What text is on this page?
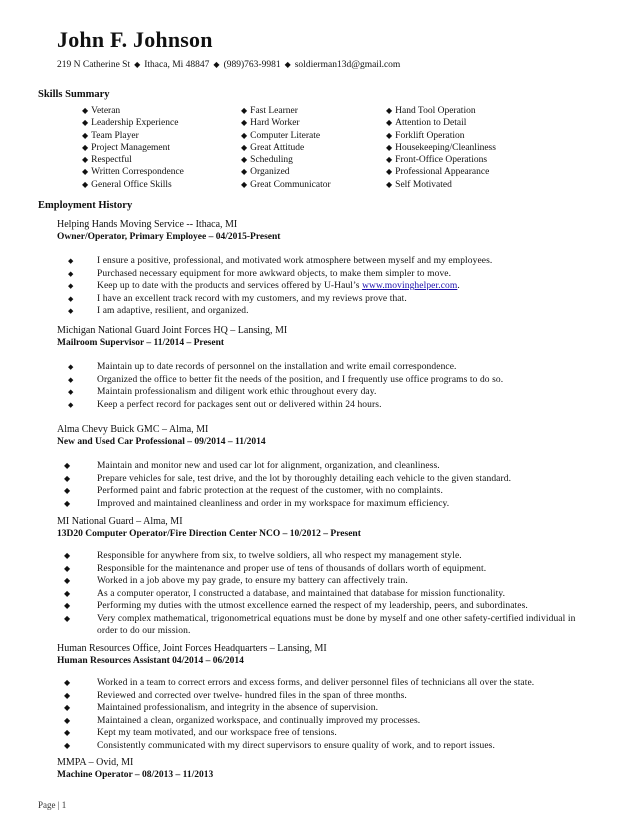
John F. Johnson
219 N Catherine St ◆ Ithaca, Mi 48847 ◆ (989)763-9981 ◆ soldierman13d@gmail.com
Skills Summary
◆ Veteran
◆ Leadership Experience
◆ Team Player
◆ Project Management
◆ Respectful
◆ Written Correspondence
◆ General Office Skills
◆ Fast Learner
◆ Hard Worker
◆ Computer Literate
◆ Great Attitude
◆ Scheduling
◆ Organized
◆ Great Communicator
◆ Hand Tool Operation
◆ Attention to Detail
◆ Forklift Operation
◆ Housekeeping/Cleanliness
◆ Front-Office Operations
◆ Professional Appearance
◆ Self Motivated
Employment History
Helping Hands Moving Service -- Ithaca, MI
Owner/Operator, Primary Employee – 04/2015-Present
◆ I ensure a positive, professional, and motivated work atmosphere between myself and my employees.
◆ Purchased necessary equipment for more awkward objects, to make them simpler to move.
◆ Keep up to date with the products and services offered by U-Haul’s www.movinghelper.com.
◆ I have an excellent track record with my customers, and my reviews prove that.
◆ I am adaptive, resilient, and organized.
Michigan National Guard Joint Forces HQ – Lansing, MI
Mailroom Supervisor – 11/2014 – Present
◆ Maintain up to date records of personnel on the installation and write email correspondence.
◆ Organized the office to better fit the needs of the position, and I frequently use office programs to do so.
◆ Maintain professionalism and diligent work ethic throughout every day.
◆ Keep a perfect record for packages sent out or delivered within 24 hours.
Alma Chevy Buick GMC – Alma, MI
New and Used Car Professional – 09/2014 – 11/2014
◆	Maintain and monitor new and used car lot for alignment, organization, and cleanliness.
◆	Prepare vehicles for sale, test drive, and the lot by thoroughly detailing each vehicle to the given standard.
◆	Performed paint and fabric protection at the request of the customer, with no complaints.
◆	Improved and maintained cleanliness and order in my workspace for maximum efficiency.
MI National Guard – Alma, MI
13D20 Computer Operator/Fire Direction Center NCO – 10/2012 – Present
◆	Responsible for anywhere from six, to twelve soldiers, all who respect my management style.
◆	Responsible for the maintenance and proper use of tens of thousands of dollars worth of equipment.
◆	Worked in a job above my pay grade, to ensure my battery can affectively train.
◆	As a computer operator, I constructed a database, and maintained that database for mission functionality.
◆	Performing my duties with the utmost excellence earned the respect of my leadership, peers, and subordinates.
◆	Very complex mathematical, trigonometrical equations must be done by myself and one other safety-certified individual in order to do our mission.
Human Resources Office, Joint Forces Headquarters – Lansing, MI
Human Resources Assistant 04/2014 – 06/2014
◆	Worked in a team to correct errors and excess forms, and deliver personnel files of technicians all over the state.
◆	Reviewed and corrected over twelve- hundred files in the span of three months.
◆	Maintained professionalism, and integrity in the absence of supervision.
◆	Maintained a clean, organized workspace, and continually improved my processes.
◆	Kept my team motivated, and our workspace free of tensions.
◆	Consistently communicated with my direct supervisors to ensure quality of work, and to report issues.
MMPA – Ovid, MI
Machine Operator – 08/2013 – 11/2013
Page | 1
